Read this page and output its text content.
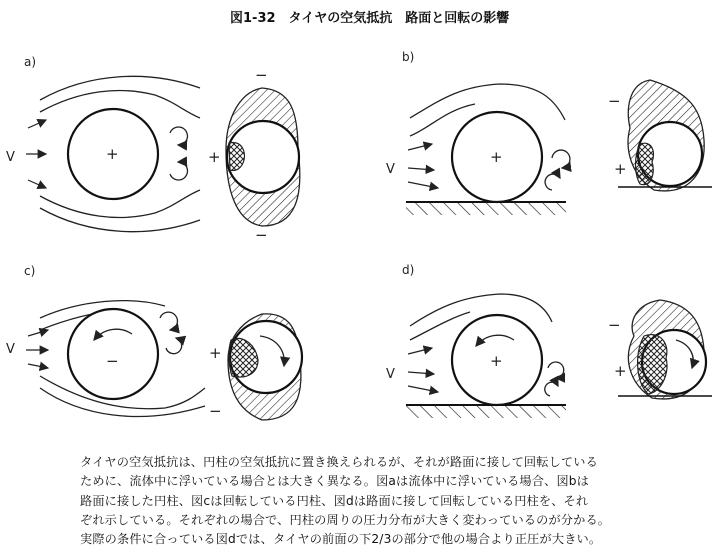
図1-32　タイヤの空気抵抗　路面と回転の影響
a)
V	+	+
−
−
b)
V
+
+
−
c)
V
−	+
−
d)
V
+
+
−
タイヤの空気抵抗は、円柱の空気抵抗に置き換えられるが、それが路面に接して回転している
ために、流体中に浮いている場合とは大きく異なる。図aは流体中に浮いている場合、図bは
路面に接した円柱、図cは回転している円柱、図dは路面に接して回転している円柱を、それ
ぞれ示している。それぞれの場合で、円柱の周りの圧力分布が大きく変わっているのが分かる。
実際の条件に合っている図dでは、タイヤの前面の下2/3の部分で他の場合より正圧が大きい。
